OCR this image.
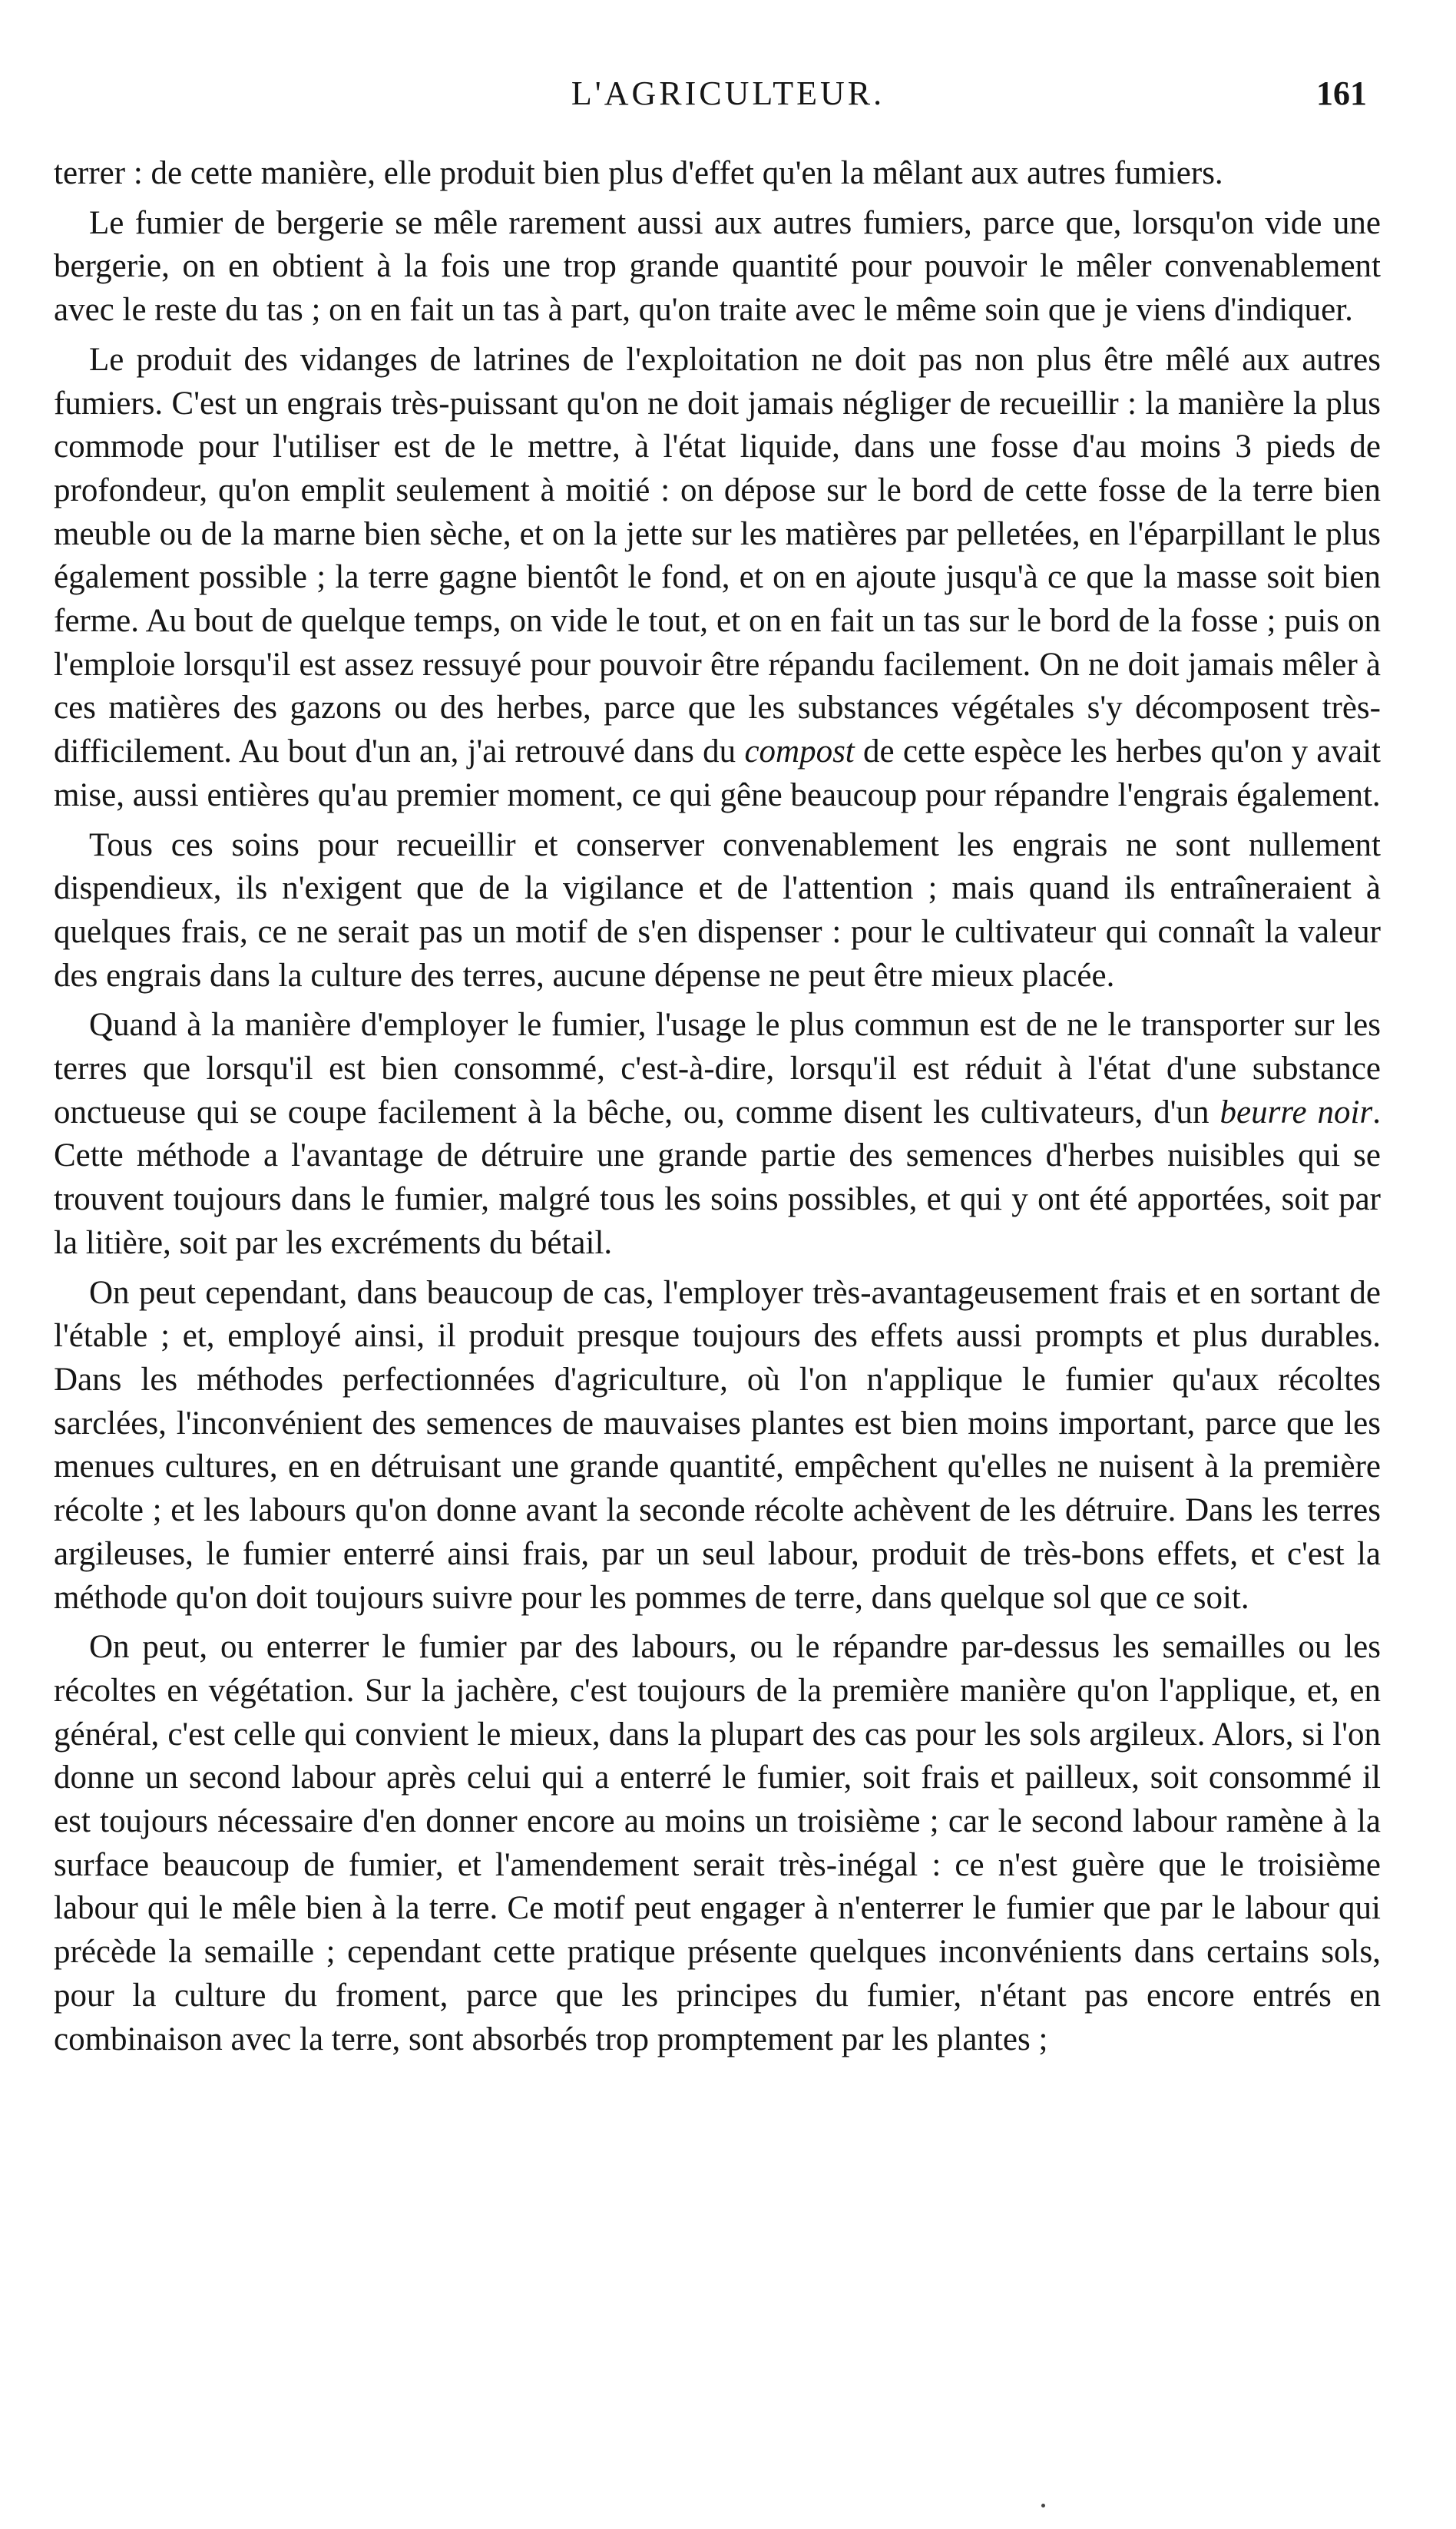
L'AGRICULTEUR.	161

terrer : de cette manière, elle produit bien plus d'effet qu'en la mêlant aux autres fumiers.

Le fumier de bergerie se mêle rarement aussi aux autres fumiers, parce que, lorsqu'on vide une bergerie, on en obtient à la fois une trop grande quantité pour pouvoir le mêler convenablement avec le reste du tas ; on en fait un tas à part, qu'on traite avec le même soin que je viens d'indiquer.

Le produit des vidanges de latrines de l'exploitation ne doit pas non plus être mêlé aux autres fumiers. C'est un engrais très-puissant qu'on ne doit jamais négliger de recueillir : la manière la plus commode pour l'utiliser est de le mettre, à l'état liquide, dans une fosse d'au moins 3 pieds de profondeur, qu'on emplit seulement à moitié : on dépose sur le bord de cette fosse de la terre bien meuble ou de la marne bien sèche, et on la jette sur les matières par pelletées, en l'éparpillant le plus également possible ; la terre gagne bientôt le fond, et on en ajoute jusqu'à ce que la masse soit bien ferme. Au bout de quelque temps, on vide le tout, et on en fait un tas sur le bord de la fosse ; puis on l'emploie lorsqu'il est assez ressuyé pour pouvoir être répandu facilement. On ne doit jamais mêler à ces matières des gazons ou des herbes, parce que les substances végétales s'y décomposent très-difficilement. Au bout d'un an, j'ai retrouvé dans du compost de cette espèce les herbes qu'on y avait mise, aussi entières qu'au premier moment, ce qui gêne beaucoup pour répandre l'engrais également.

Tous ces soins pour recueillir et conserver convenablement les engrais ne sont nullement dispendieux, ils n'exigent que de la vigilance et de l'attention ; mais quand ils entraîneraient à quelques frais, ce ne serait pas un motif de s'en dispenser : pour le cultivateur qui connaît la valeur des engrais dans la culture des terres, aucune dépense ne peut être mieux placée.

Quand à la manière d'employer le fumier, l'usage le plus commun est de ne le transporter sur les terres que lorsqu'il est bien consommé, c'est-à-dire, lorsqu'il est réduit à l'état d'une substance onctueuse qui se coupe facilement à la bêche, ou, comme disent les cultivateurs, d'un beurre noir. Cette méthode a l'avantage de détruire une grande partie des semences d'herbes nuisibles qui se trouvent toujours dans le fumier, malgré tous les soins possibles, et qui y ont été apportées, soit par la litière, soit par les excréments du bétail.

On peut cependant, dans beaucoup de cas, l'employer très-avantageusement frais et en sortant de l'étable ; et, employé ainsi, il produit presque toujours des effets aussi prompts et plus durables. Dans les méthodes perfectionnées d'agriculture, où l'on n'applique le fumier qu'aux récoltes sarclées, l'inconvénient des semences de mauvaises plantes est bien moins important, parce que les menues cultures, en en détruisant une grande quantité, empêchent qu'elles ne nuisent à la première récolte ; et les labours qu'on donne avant la seconde récolte achèvent de les détruire. Dans les terres argileuses, le fumier enterré ainsi frais, par un seul labour, produit de très-bons effets, et c'est la méthode qu'on doit toujours suivre pour les pommes de terre, dans quelque sol que ce soit.

On peut, ou enterrer le fumier par des labours, ou le répandre par-dessus les semailles ou les récoltes en végétation. Sur la jachère, c'est toujours de la première manière qu'on l'applique, et, en général, c'est celle qui convient le mieux, dans la plupart des cas pour les sols argileux. Alors, si l'on donne un second labour après celui qui a enterré le fumier, soit frais et pailleux, soit consommé il est toujours nécessaire d'en donner encore au moins un troisième ; car le second labour ramène à la surface beaucoup de fumier, et l'amendement serait très-inégal : ce n'est guère que le troisième labour qui le mêle bien à la terre. Ce motif peut engager à n'enterrer le fumier que par le labour qui précède la semaille ; cependant cette pratique présente quelques inconvénients dans certains sols, pour la culture du froment, parce que les principes du fumier, n'étant pas encore entrés en combinaison avec la terre, sont absorbés trop promptement par les plantes ;
